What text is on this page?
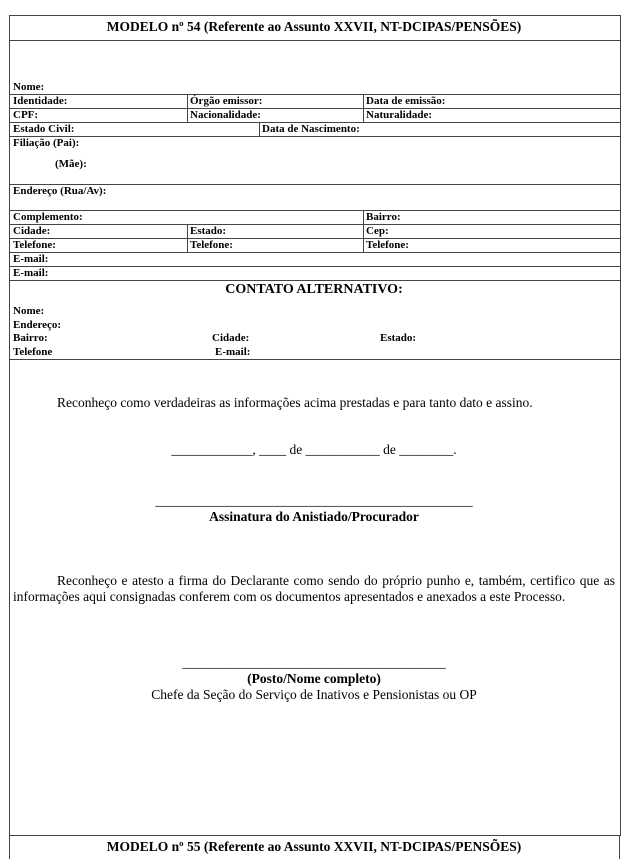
MODELO nº 54 (Referente ao Assunto XXVII, NT-DCIPAS/PENSÕES)
Nome:
Identidade:	Órgão emissor:	Data de emissão:
CPF:	Nacionalidade:	Naturalidade:
Estado Civil:	Data de Nascimento:
Filiação (Pai):
(Mãe):
Endereço (Rua/Av):
Complemento:	Bairro:
Cidade:	Estado:	Cep:
Telefone:	Telefone:	Telefone:
E-mail:
E-mail:
CONTATO ALTERNATIVO:
Nome:
Endereço:
Bairro:	Cidade:	Estado:
Telefone	E-mail:
Reconheço como verdadeiras as informações acima prestadas e para tanto dato e assino.
____________, ____ de ___________ de ________.
_______________________________________________
Assinatura do Anistiado/Procurador
Reconheço e atesto a firma do Declarante como sendo do próprio punho e, também, certifico que as informações aqui consignadas conferem com os documentos apresentados e anexados a este Processo.
_______________________________________
(Posto/Nome completo)
Chefe da Seção do Serviço de Inativos e Pensionistas ou OP
MODELO nº 55 (Referente ao Assunto XXVII, NT-DCIPAS/PENSÕES)
